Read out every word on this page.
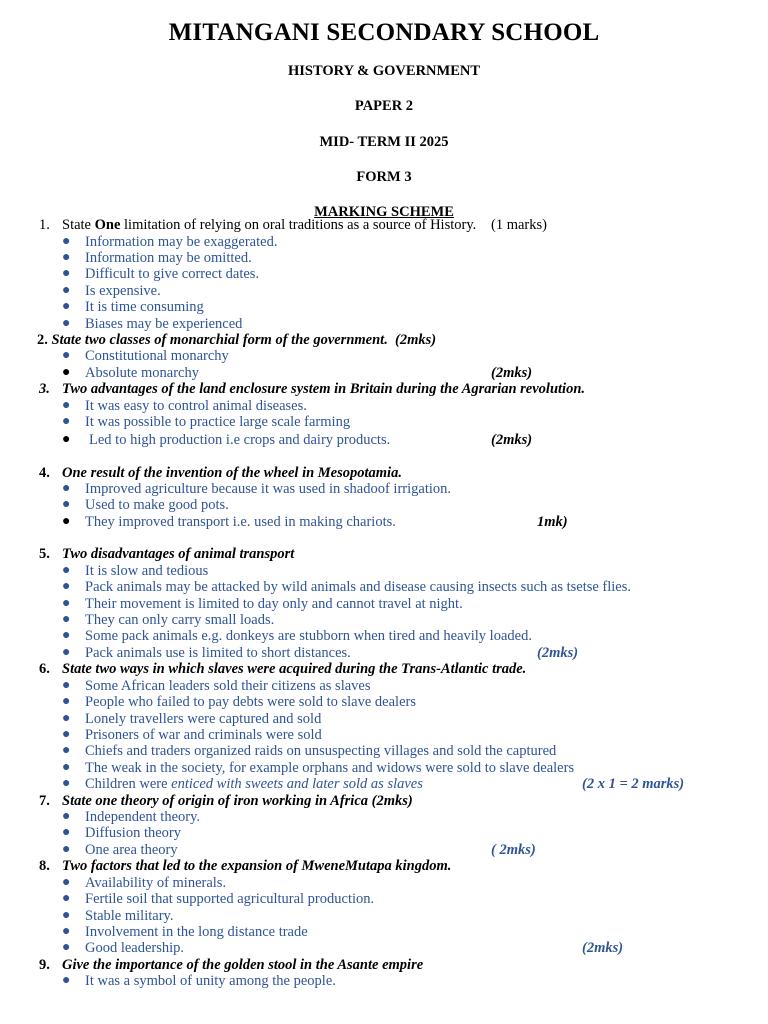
MITANGANI SECONDARY SCHOOL
HISTORY & GOVERNMENT
PAPER 2
MID- TERM II 2025
FORM 3
MARKING SCHEME
1. State One limitation of relying on oral traditions as a source of History. (1 marks)
● Information may be exaggerated.
● Information may be omitted.
● Difficult to give correct dates.
● Is expensive.
● It is time consuming
● Biases may be experienced
2. State two classes of monarchial form of the government. (2mks)
● Constitutional monarchy
● Absolute monarchy	(2mks)
3. Two advantages of the land enclosure system in Britain during the Agrarian revolution.
● It was easy to control animal diseases.
● It was possible to practice large scale farming
● Led to high production i.e crops and dairy products.	(2mks)
4. One result of the invention of the wheel in Mesopotamia.
● Improved agriculture because it was used in shadoof irrigation.
● Used to make good pots.
● They improved transport i.e. used in making chariots.	1mk)
5. Two disadvantages of animal transport
● It is slow and tedious
● Pack animals may be attacked by wild animals and disease causing insects such as tsetse flies.
● Their movement is limited to day only and cannot travel at night.
● They can only carry small loads.
● Some pack animals e.g. donkeys are stubborn when tired and heavily loaded.
● Pack animals use is limited to short distances.	(2mks)
6. State two ways in which slaves were acquired during the Trans-Atlantic trade.
● Some African leaders sold their citizens as slaves
● People who failed to pay debts were sold to slave dealers
● Lonely travellers were captured and sold
● Prisoners of war and criminals were sold
● Chiefs and traders organized raids on unsuspecting villages and sold the captured
● The weak in the society, for example orphans and widows were sold to slave dealers
● Children were enticed with sweets and later sold as slaves	(2 x 1 = 2 marks)
7. State one theory of origin of iron working in Africa (2mks)
● Independent theory.
● Diffusion theory
● One area theory	( 2mks)
8. Two factors that led to the expansion of MweneMutapa kingdom.
● Availability of minerals.
● Fertile soil that supported agricultural production.
● Stable military.
● Involvement in the long distance trade
● Good leadership.	(2mks)
9. Give the importance of the golden stool in the Asante empire
● It was a symbol of unity among the people.
